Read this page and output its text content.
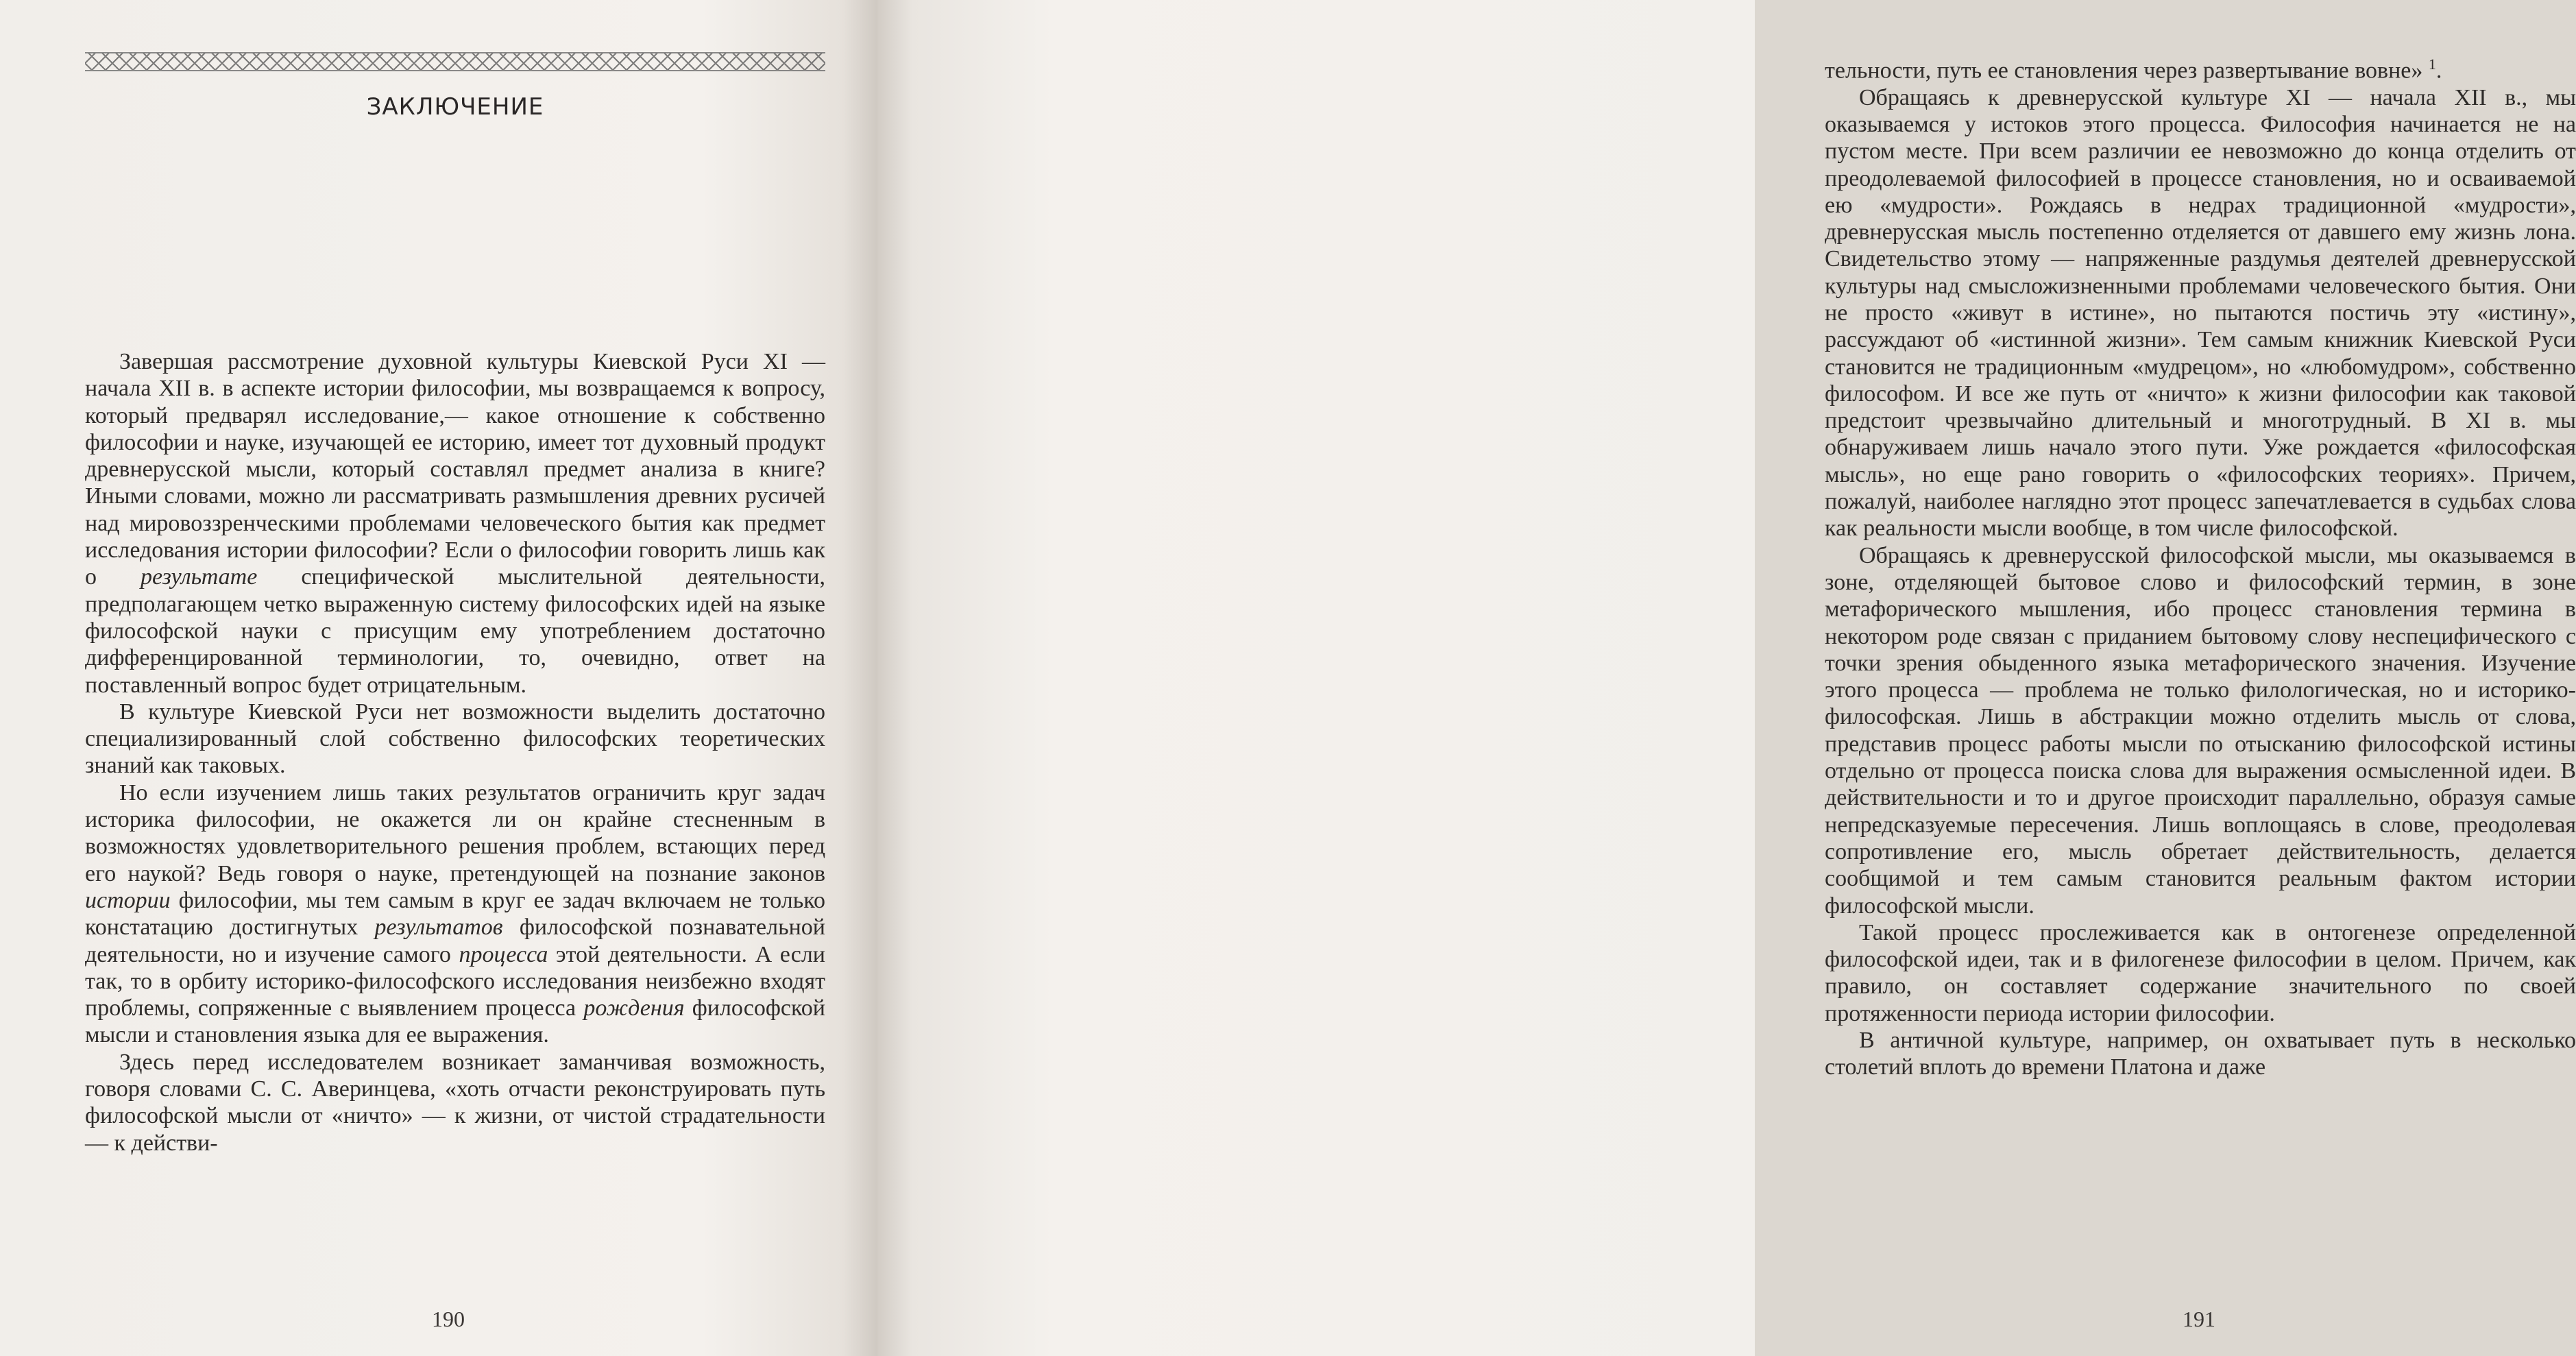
ЗАКЛЮЧЕНИЕ

Завершая рассмотрение духовной культуры Киевской Руси XI — начала XII в. в аспекте истории философии, мы возвращаемся к вопросу, который предварял исследование,— какое отношение к собственно философии и науке, изучающей ее историю, имеет тот духовный продукт древнерусской мысли, который составлял предмет анализа в книге? Иными словами, можно ли рассматривать размышления древних русичей над мировоззренческими проблемами человеческого бытия как предмет исследования истории философии? Если о философии говорить лишь как о результате специфической мыслительной деятельности, предполагающем четко выраженную систему философских идей на языке философской науки с присущим ему употреблением достаточно дифференцированной терминологии, то, очевидно, ответ на поставленный вопрос будет отрицательным.

В культуре Киевской Руси нет возможности выделить достаточно специализированный слой собственно философских теоретических знаний как таковых.

Но если изучением лишь таких результатов ограничить круг задач историка философии, не окажется ли он крайне стесненным в возможностях удовлетворительного решения проблем, встающих перед его наукой? Ведь говоря о науке, претендующей на познание законов истории философии, мы тем самым в круг ее задач включаем не только констатацию достигнутых результатов философской познавательной деятельности, но и изучение самого процесса этой деятельности. А если так, то в орбиту историко-философского исследования неизбежно входят проблемы, сопряженные с выявлением процесса рождения философской мысли и становления языка для ее выражения.

Здесь перед исследователем возникает заманчивая возможность, говоря словами С. С. Аверинцева, «хоть отчасти реконструировать путь философской мысли от «ничто» — к жизни, от чистой страдательности — к действи-

190

тельности, путь ее становления через развертывание вовне» $^1$.

Обращаясь к древнерусской культуре XI — начала XII в., мы оказываемся у истоков этого процесса. Философия начинается не на пустом месте. При всем различии ее невозможно до конца отделить от преодолеваемой философией в процессе становления, но и осваиваемой ею «мудрости». Рождаясь в недрах традиционной «мудрости», древнерусская мысль постепенно отделяется от давшего ему жизнь лона. Свидетельство этому — напряженные раздумья деятелей древнерусской культуры над смысложизненными проблемами человеческого бытия. Они не просто «живут в истине», но пытаются постичь эту «истину», рассуждают об «истинной жизни». Тем самым книжник Киевской Руси становится не традиционным «мудрецом», но «любомудром», собственно философом. И все же путь от «ничто» к жизни философии как таковой предстоит чрезвычайно длительный и многотрудный. В XI в. мы обнаруживаем лишь начало этого пути. Уже рождается «философская мысль», но еще рано говорить о «философских теориях». Причем, пожалуй, наиболее наглядно этот процесс запечатлевается в судьбах слова как реальности мысли вообще, в том числе философской.

Обращаясь к древнерусской философской мысли, мы оказываемся в зоне, отделяющей бытовое слово и философский термин, в зоне метафорического мышления, ибо процесс становления термина в некотором роде связан с приданием бытовому слову неспецифического с точки зрения обыденного языка метафорического значения. Изучение этого процесса — проблема не только филологическая, но и историко-философская. Лишь в абстракции можно отделить мысль от слова, представив процесс работы мысли по отысканию философской истины отдельно от процесса поиска слова для выражения осмысленной идеи. В действительности и то и другое происходит параллельно, образуя самые непредсказуемые пересечения. Лишь воплощаясь в слове, преодолевая сопротивление его, мысль обретает действительность, делается сообщимой и тем самым становится реальным фактом истории философской мысли.

Такой процесс прослеживается как в онтогенезе определенной философской идеи, так и в филогенезе философии в целом. Причем, как правило, он составляет содержание значительного по своей протяженности периода истории философии.

В античной культуре, например, он охватывает путь в несколько столетий вплоть до времени Платона и даже

191
